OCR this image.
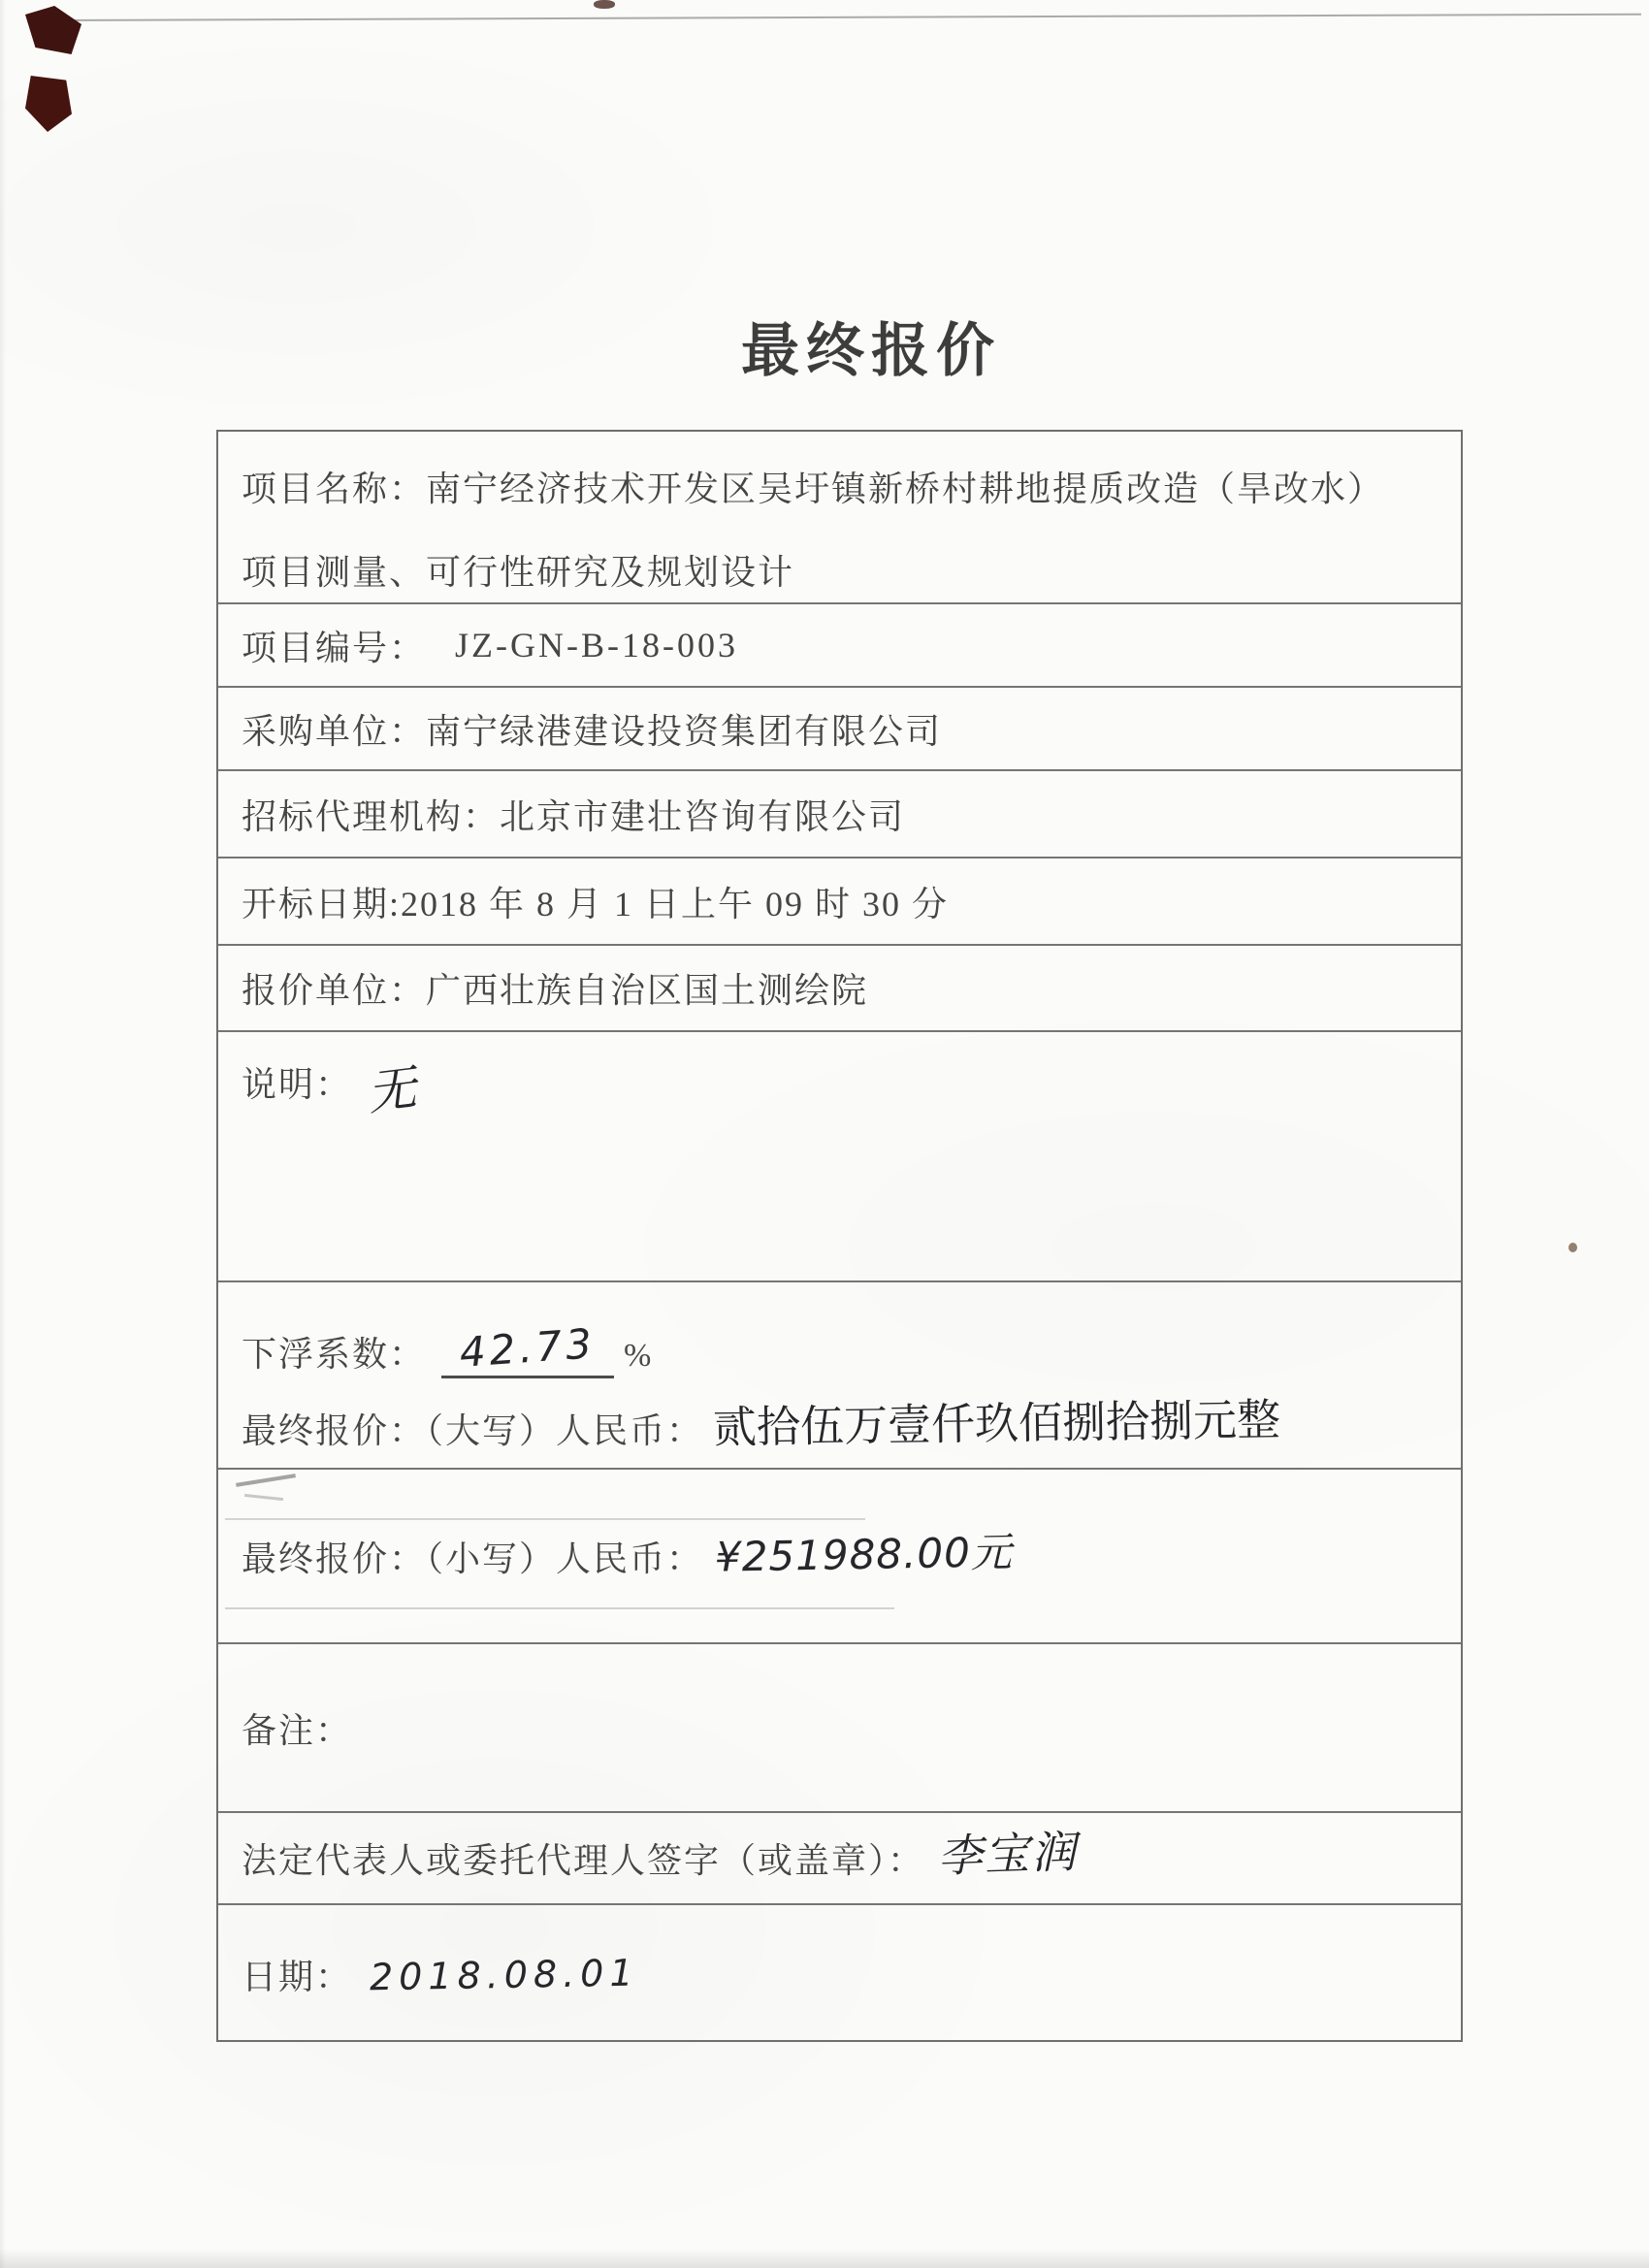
最终报价
项目名称：南宁经济技术开发区吴圩镇新桥村耕地提质改造（旱改水）
项目测量、可行性研究及规划设计
项目编号： JZ-GN-B-18-003
采购单位： 南宁绿港建设投资集团有限公司
招标代理机构： 北京市建壮咨询有限公司
开标日期: 2018 年 8 月 1 日上午 09 时 30 分
报价单位： 广西壮族自治区国土测绘院
说明： 无
下浮系数： 42.73 %
最终报价：（大写）人民币： 贰拾伍万壹仟玖佰捌拾捌元整
最终报价：（小写）人民币： ¥251988.00元
备注：
法定代表人或委托代理人签字（或盖章）： 李宝润
日期： 2018.08.01
